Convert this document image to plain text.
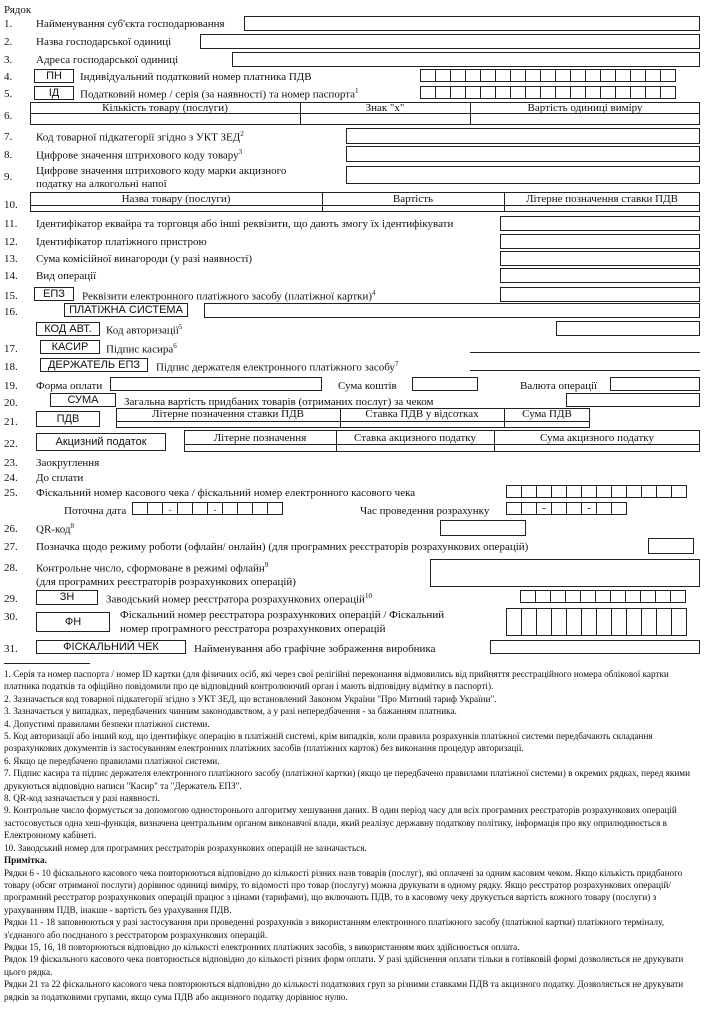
Рядок
1. Найменування суб'єкта господарювання
2. Назва господарської одиниці
3. Адреса господарської одиниці
4.	ПН	Індивідуальний податковий номер платника ПДВ
5.	ІД	Податковий номер / серія (за наявності) та номер паспорта$^1$
6.
Кількість товару (послуги)	Знак "х"	Вартість одиниці виміру
7. Код товарної підкатегорії згідно з УКТ ЗЕД$^2$
8. Цифрове значення штрихового коду товару$^3$
9. Цифрове значення штрихового коду марки акцизного
податку на алкогольні напої
10.	Назва товару (послуги)	Вартість	Літерне позначення ставки ПДВ
11. Ідентифікатор еквайра та торговця або інші реквізити, що дають змогу їх ідентифікувати
12. Ідентифікатор платіжного пристрою
13. Сума комісійної винагороди (у разі наявності)
14. Вид операції
15.	ЕПЗ	Реквізити електронного платіжного засобу (платіжної картки)$^4$
16.	ПЛАТІЖНА СИСТЕМА
КОД АВТ.	Код авторизації$^5$
17.	КАСИР	Підпис касира$^6$
18.	ДЕРЖАТЕЛЬ ЕПЗ	Підпис держателя електронного платіжного засобу$^7$
19. Форма оплати	Сума коштів	Валюта операції
20.	СУМА	Загальна вартість придбаних товарів (отриманих послуг) за чеком
21.	ПДВ	Літерне позначення ставки ПДВ	Ставка ПДВ у відсотках	Сума ПДВ
22.	Акцизний податок	Літерне позначення	Ставка акцизного податку	Сума акцизного податку
23. Заокруглення
24. До сплати
25. Фіскальний номер касового чека / фіскальний номер електронного касового чека
Поточна дата	.	.	Час проведення розрахунку	-	-
26. QR-код$^8$
27. Позначка щодо режиму роботи (офлайн/ онлайн) (для програмних реєстраторів розрахункових операцій)
28. Контрольне число, сформоване в режимі офлайн$^9$
(для програмних реєстраторів розрахункових операцій)
29.	ЗН	Заводський номер реєстратора розрахункових операцій$^{10}$
30.	ФН
Фіскальний номер реєстратора розрахункових операцій / Фіскальний
номер програмного реєстратора розрахункових операцій
31.	ФІСКАЛЬНИЙ ЧЕК	Найменування або графічне зображення виробника

1. Серія та номер паспорта / номер ID картки (для фізичних осіб, які через свої релігійні переконання відмовились від прийняття реєстраційного номера облікової картки платника податків та офіційно повідомили про це відповідний контролюючий орган і мають відповідну відмітку в паспорті).

2. Зазначається код товарної підкатегорії згідно з УКТ ЗЕД, що встановлений Законом України "Про Митний тариф України".

3. Зазначається у випадках, передбачених чинним законодавством, а у разі непередбачення - за бажанням платника.

4. Допустимі правилами безпеки платіжної системи.

5. Код авторизації або інший код, що ідентифікує операцію в платіжній системі, крім випадків, коли правила розрахунків платіжної системи передбачають складання розрахункових документів із застосуванням електронних платіжних засобів (платіжних карток) без виконання процедур авторизації.

6. Якщо це передбачено правилами платіжної системи.

7. Підпис касира та підпис держателя електронного платіжного засобу (платіжної картки) (якщо це передбачено правилами платіжної системи) в окремих рядках, перед якими друкуються відповідно написи "Касир" та "Держатель ЕПЗ".

8. QR-код зазначається у разі наявності.

9. Контрольне число формується за допомогою односторонього алгоритму хешування даних. В один період часу для всіх програмних реєстраторів розрахункових операцій застосовується одна хеш-функція, визначена центральним органом виконавчої влади, який реалізує державну податкову політику, інформація про яку оприлюднюється в Електронному кабінеті.

10. Заводський номер для програмних реєстраторів розрахункових операцій не зазначається.

Примітка.

Рядки 6 - 10 фіскального касового чека повторюються відповідно до кількості різних назв товарів (послуг), які оплачені за одним касовим чеком. Якщо кількість придбаного товару (обсяг отриманої послуги) дорівнює одиниці виміру, то відомості про товар (послугу) можна друкувати в одному рядку. Якщо реєстратор розрахункових операцій/програмний реєстратор розрахункових операцій працює з цінами (тарифами), що включають ПДВ, то в касовому чеку друкується вартість кожного товару (послуги) з урахуванням ПДВ, інакше - вартість без урахування ПДВ.

Рядки 11 - 18 заповнюються у разі застосування при проведенні розрахунків з використанням електронного платіжного засобу (платіжної картки) платіжного терміналу, з'єднаного або поєднаного з реєстратором розрахункових операцій.

Рядки 15, 16, 18 повторюються відповідно до кількості електронних платіжних засобів, з використанням яких здійснюється оплата.

Рядок 19 фіскального касового чека повторюється відповідно до кількості різних форм оплати. У разі здійснення оплати тільки в готівковій формі дозволяється не друкувати цього рядка.

Рядки 21 та 22 фіскального касового чека повторюються відповідно до кількості податкових груп за різними ставками ПДВ та акцизного податку. Дозволяється не друкувати рядків за податковими групами, якщо сума ПДВ або акцизного податку дорівнює нулю.
